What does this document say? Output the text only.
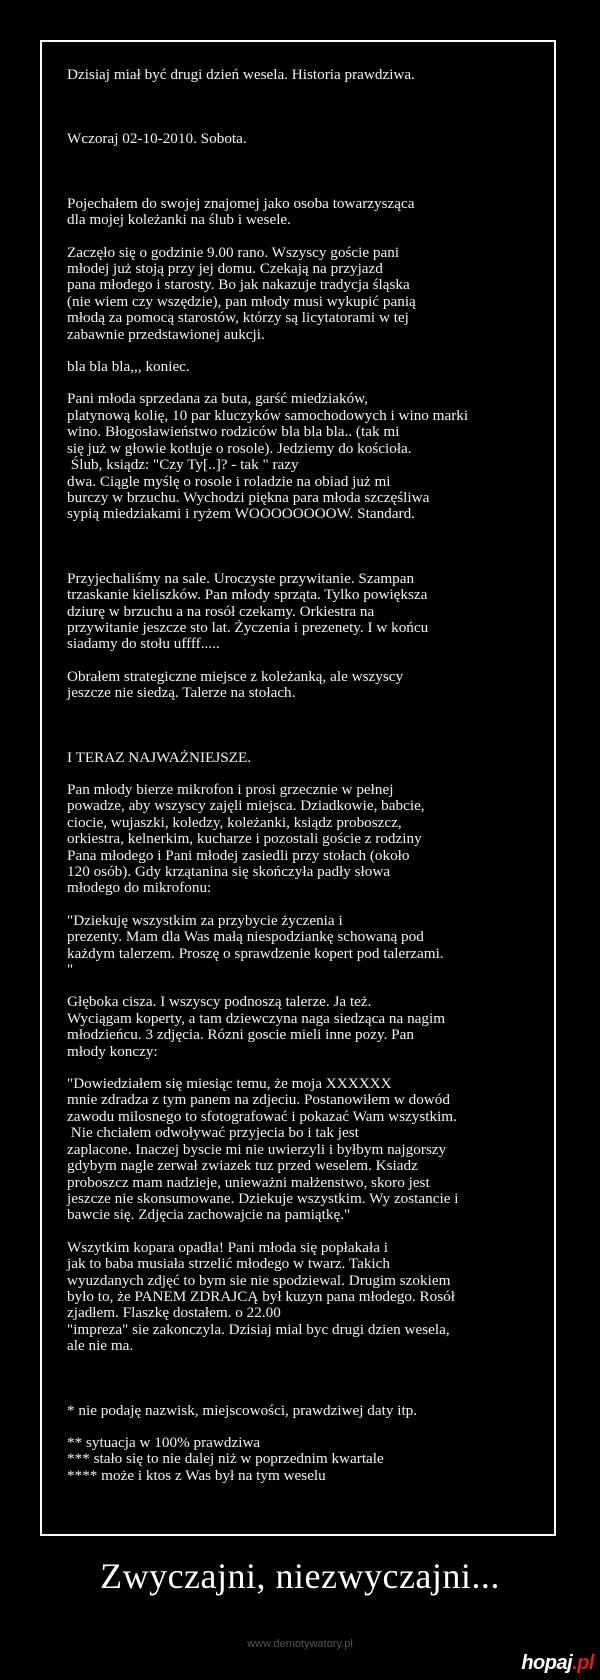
Dzisiaj miał być drugi dzień wesela. Historia prawdziwa.

Wczoraj 02-10-2010. Sobota.

Pojechałem do swojej znajomej jako osoba towarzysząca
dla mojej koleżanki na ślub i wesele.

Zaczęło się o godzinie 9.00 rano. Wszyscy goście pani
młodej już stoją przy jej domu. Czekają na przyjazd
pana młodego i starosty. Bo jak nakazuje tradycja śląska
(nie wiem czy wszędzie), pan młody musi wykupić panią
młodą za pomocą starostów, którzy są licytatorami w tej
zabawnie przedstawionej aukcji.

bla bla bla,,, koniec.

Pani młoda sprzedana za buta, garść miedziaków,
platynową kolię, 10 par kluczyków samochodowych i wino marki
wino. Błogosławieństwo rodziców bla bla bla.. (tak mi
się już w głowie kotłuje o rosole). Jedziemy do kościoła.
Ślub, ksiądz: "Czy Ty[..]? - tak " razy
dwa. Ciągle myślę o rosole i roladzie na obiad już mi
burczy w brzuchu. Wychodzi piękna para młoda szczęśliwa
sypią miedziakami i ryżem WOOOOOOOOW. Standard.

Przyjechaliśmy na sale. Uroczyste przywitanie. Szampan
trzaskanie kieliszków. Pan młody sprząta. Tylko powiększa
dziurę w brzuchu a na rosół czekamy. Orkiestra na
przywitanie jeszcze sto lat. Życzenia i prezenety. I w końcu
siadamy do stołu uffff.....

Obrałem strategiczne miejsce z koleżanką, ale wszyscy
jeszcze nie siedzą. Talerze na stołach.

I TERAZ NAJWAŻNIEJSZE.

Pan młody bierze mikrofon i prosi grzecznie w pełnej
powadze, aby wszyscy zajęli miejsca. Dziadkowie, babcie,
ciocie, wujaszki, koledzy, koleżanki, ksiądz proboszcz,
orkiestra, kelnerkim, kucharze i pozostali goście z rodziny
Pana młodego i Pani młodej zasiedli przy stołach (około
120 osób). Gdy krzątanina się skończyła padły słowa
młodego do mikrofonu:

"Dziekuję wszystkim za przybycie życzenia i
prezenty. Mam dla Was małą niespodziankę schowaną pod
każdym talerzem. Proszę o sprawdzenie kopert pod talerzami.
"

Głęboka cisza. I wszyscy podnoszą talerze. Ja też.
Wyciągam koperty, a tam dziewczyna naga siedząca na nagim
młodzieńcu. 3 zdjęcia. Rózni goscie mieli inne pozy. Pan
młody konczy:

"Dowiedziałem się miesiąc temu, że moja XXXXXX
mnie zdradza z tym panem na zdjeciu. Postanowiłem w dowód
zawodu milosnego to sfotografować i pokazać Wam wszystkim.
Nie chciałem odwoływać przyjecia bo i tak jest
zaplacone. Inaczej byscie mi nie uwierzyli i byłbym najgorszy
gdybym nagle zerwał zwiazek tuz przed weselem. Ksiadz
proboszcz mam nadzieje, unieważni małżenstwo, skoro jest
jeszcze nie skonsumowane. Dziekuje wszystkim. Wy zostancie i
bawcie się. Zdjęcia zachowajcie na pamiątkę."

Wszytkim kopara opadła! Pani młoda się popłakała i
jak to baba musiała strzelić młodego w twarz. Takich
wyuzdanych zdjęć to bym sie nie spodziewal. Drugim szokiem
było to, że PANEM ZDRAJCĄ był kuzyn pana młodego. Rosół
zjadłem. Flaszkę dostałem. o 22.00
"impreza" sie zakonczyla. Dzisiaj mial byc drugi dzien wesela,
ale nie ma.

* nie podaję nazwisk, miejscowości, prawdziwej daty itp.

** sytuacja w 100% prawdziwa
*** stało się to nie dalej niż w poprzednim kwartale
**** może i ktos z Was był na tym weselu

Zwyczajni, niezwyczajni...
www.demotywatory.pl
hopaj.pl
